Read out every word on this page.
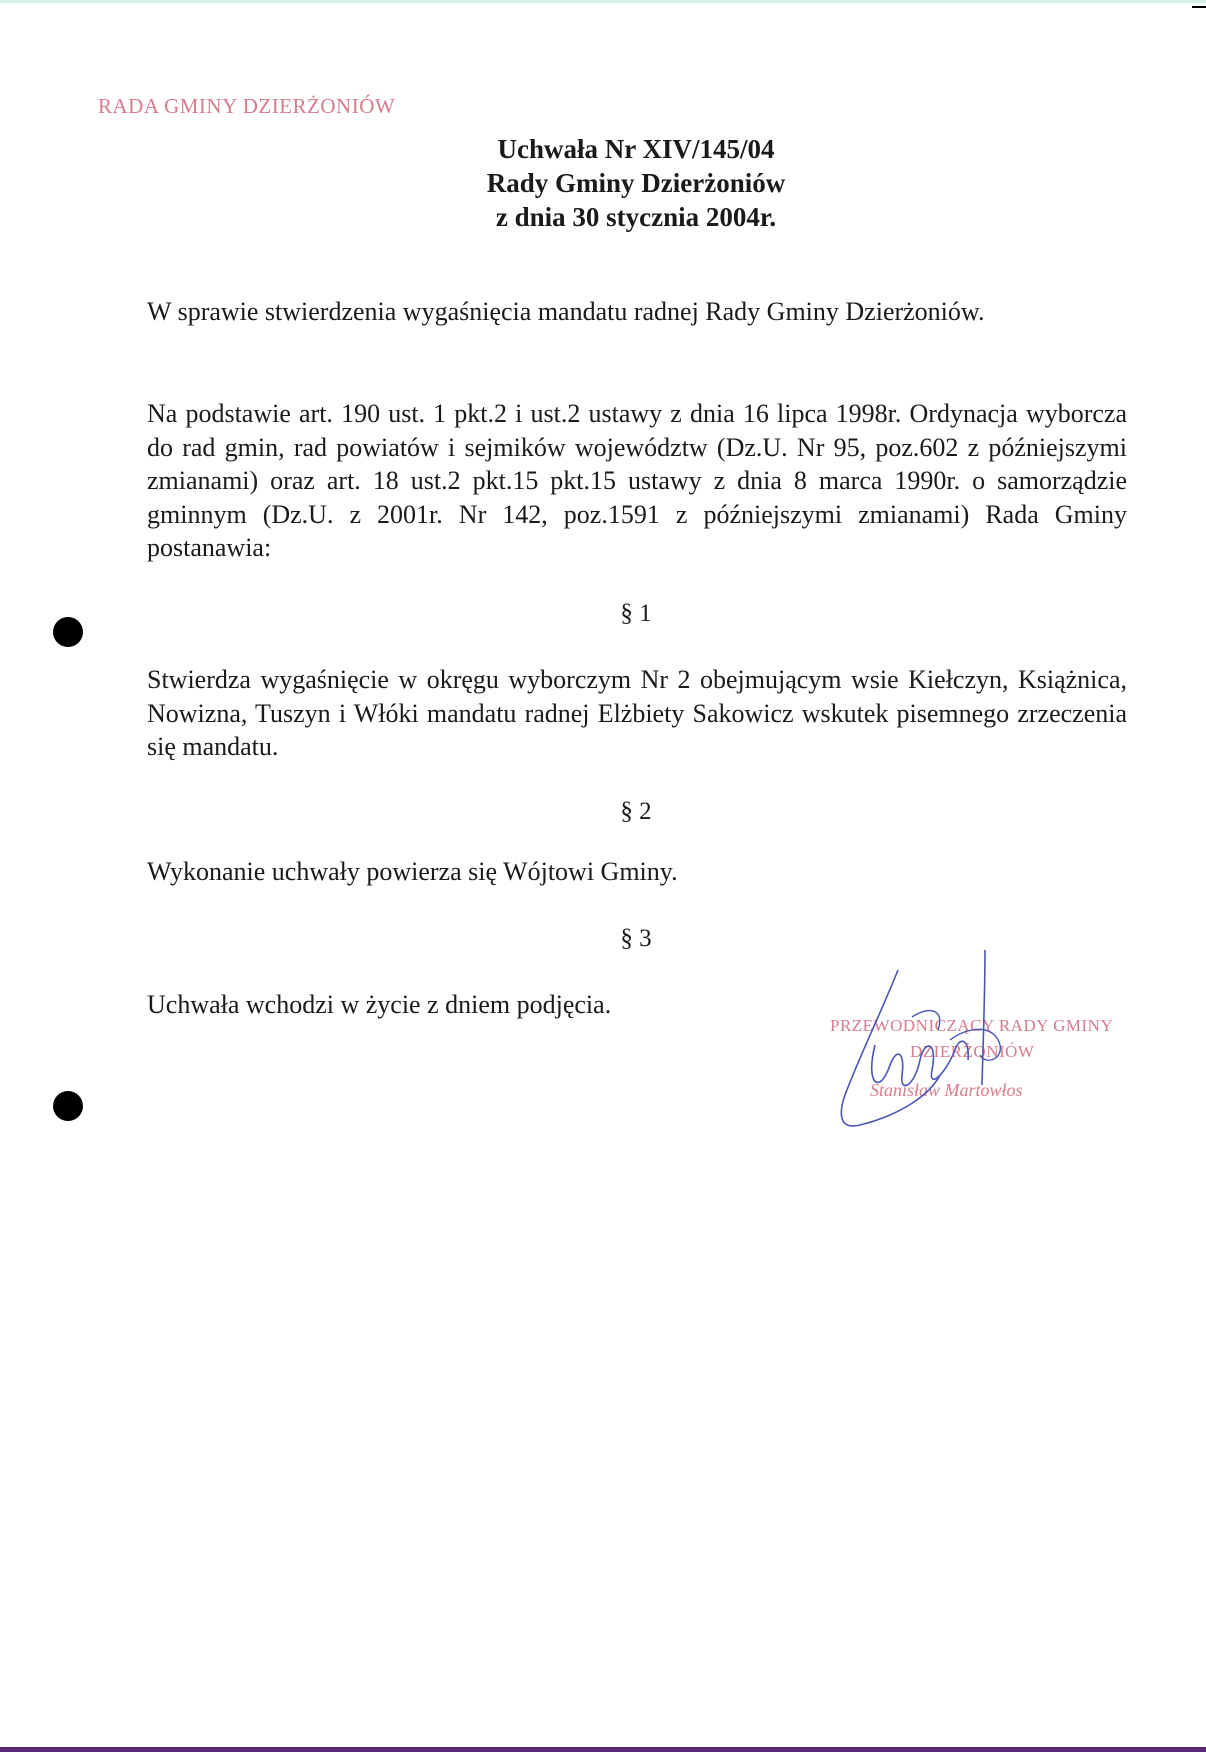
RADA GMINY DZIERŻONIÓW
Uchwała Nr XIV/145/04
Rady Gminy Dzierżoniów
z dnia 30 stycznia 2004r.
W sprawie stwierdzenia wygaśnięcia mandatu radnej Rady Gminy Dzierżoniów.
Na podstawie art. 190 ust. 1 pkt.2 i ust.2 ustawy z dnia 16 lipca 1998r. Ordynacja wyborcza do rad gmin, rad powiatów i sejmików województw (Dz.U. Nr 95, poz.602 z późniejszymi zmianami) oraz art. 18 ust.2 pkt.15 pkt.15 ustawy z dnia 8 marca 1990r. o samorządzie gminnym (Dz.U. z 2001r. Nr 142, poz.1591 z późniejszymi zmianami) Rada Gminy postanawia:
§ 1
Stwierdza wygaśnięcie w okręgu wyborczym Nr 2 obejmującym wsie Kiełczyn, Książnica, Nowizna, Tuszyn i Włóki mandatu radnej Elżbiety Sakowicz wskutek pisemnego zrzeczenia się mandatu.
§ 2
Wykonanie uchwały powierza się Wójtowi Gminy.
§ 3
Uchwała wchodzi w życie z dniem podjęcia.
PRZEWODNICZĄCY RADY GMINY
DZIERŻONIÓW
Stanisław Martowłos
